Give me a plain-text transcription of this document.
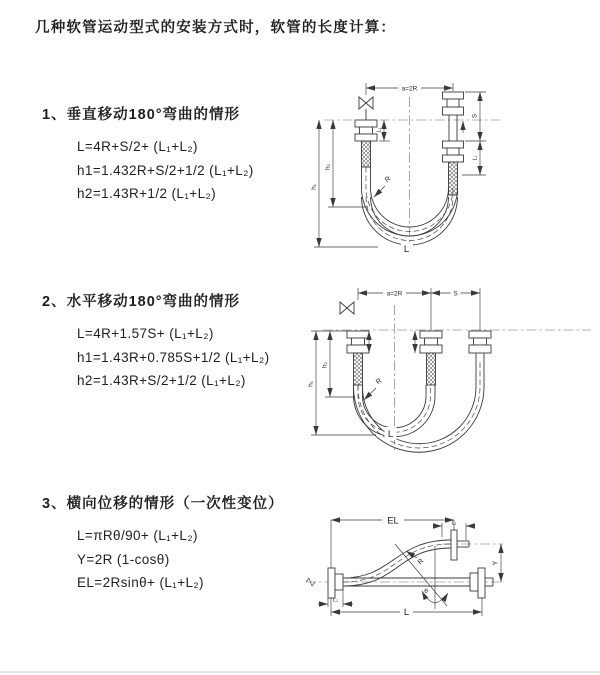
几种软管运动型式的安装方式时，软管的长度计算：
1、垂直移动180°弯曲的情形
L=4R+S/2+ (L₁+L₂)
h1=1.432R+S/2+1/2 (L₁+L₂)
h2=1.43R+1/2 (L₁+L₂)
2、水平移动180°弯曲的情形
L=4R+1.57S+ (L₁+L₂)
h1=1.43R+0.785S+1/2 (L₁+L₂)
h2=1.43R+S/2+1/2 (L₁+L₂)
3、横向位移的情形（一次性变位）
L=πRθ/90+ (L₁+L₂)
Y=2R (1-cosθ)
EL=2Rsinθ+ (L₁+L₂)
a=2R
h₁
h₂
L₁
S
L₁
R
L
a=2R	S
h₁
h₂
R
L
EL	L₁
θ
R	Y
L
L₁
